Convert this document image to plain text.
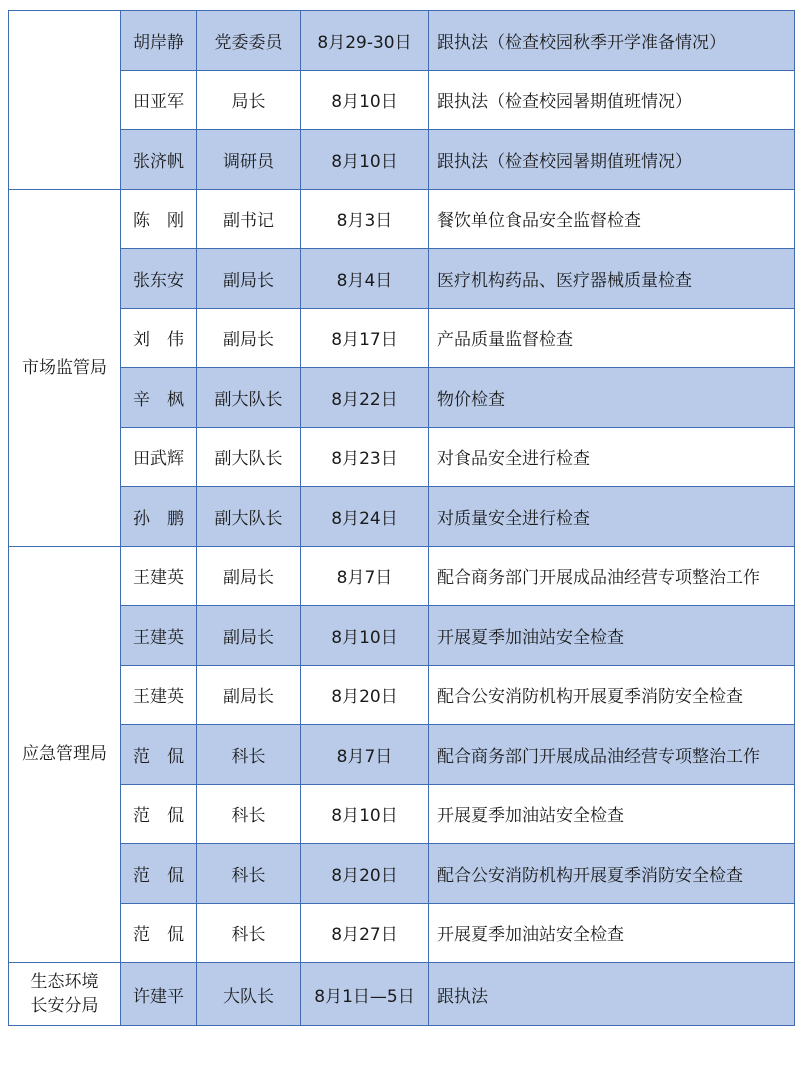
	胡岸静	党委委员	8月29-30日	跟执法（检查校园秋季开学准备情况）
	田亚军	局长	8月10日	跟执法（检查校园暑期值班情况）
	张济帆	调研员	8月10日	跟执法（检查校园暑期值班情况）
市场监管局	陈　刚	副书记	8月3日	餐饮单位食品安全监督检查
	张东安	副局长	8月4日	医疗机构药品、医疗器械质量检查
	刘　伟	副局长	8月17日	产品质量监督检查
	辛　枫	副大队长	8月22日	物价检查
	田武辉	副大队长	8月23日	对食品安全进行检查
	孙　鹏	副大队长	8月24日	对质量安全进行检查
应急管理局	王建英	副局长	8月7日	配合商务部门开展成品油经营专项整治工作
	王建英	副局长	8月10日	开展夏季加油站安全检查
	王建英	副局长	8月20日	配合公安消防机构开展夏季消防安全检查
	范　侃	科长	8月7日	配合商务部门开展成品油经营专项整治工作
	范　侃	科长	8月10日	开展夏季加油站安全检查
	范　侃	科长	8月20日	配合公安消防机构开展夏季消防安全检查
	范　侃	科长	8月27日	开展夏季加油站安全检查

生态环境
长安分局	许建平	大队长	8月1日—5日	跟执法
